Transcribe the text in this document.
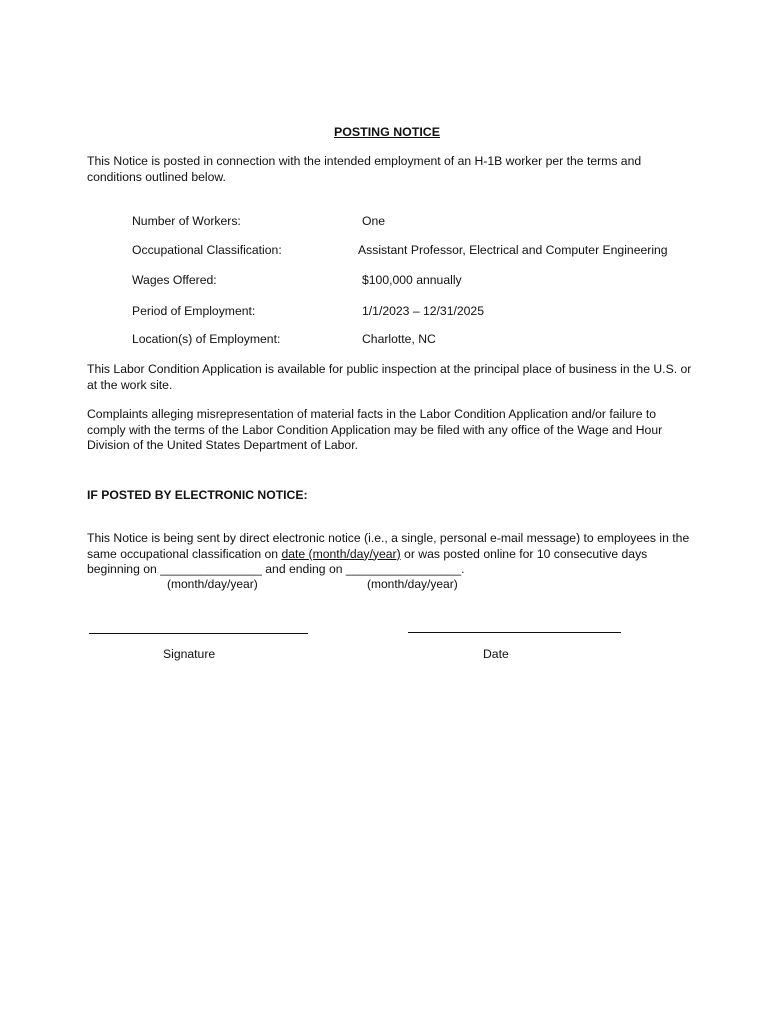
POSTING NOTICE
This Notice is posted in connection with the intended employment of an H-1B worker per the terms and conditions outlined below.
Number of Workers:	One
Occupational Classification:	Assistant Professor, Electrical and Computer Engineering
Wages Offered:	$100,000 annually
Period of Employment:	1/1/2023 – 12/31/2025
Location(s) of Employment:	Charlotte, NC
This Labor Condition Application is available for public inspection at the principal place of business in the U.S. or at the work site.
Complaints alleging misrepresentation of material facts in the Labor Condition Application and/or failure to comply with the terms of the Labor Condition Application may be filed with any office of the Wage and Hour Division of the United States Department of Labor.
IF POSTED BY ELECTRONIC NOTICE:
This Notice is being sent by direct electronic notice (i.e., a single, personal e-mail message) to employees in the same occupational classification on date (month/day/year) or was posted online for 10 consecutive days beginning on _______________ and ending on _________________.
(month/day/year)	(month/day/year)
Signature	Date
